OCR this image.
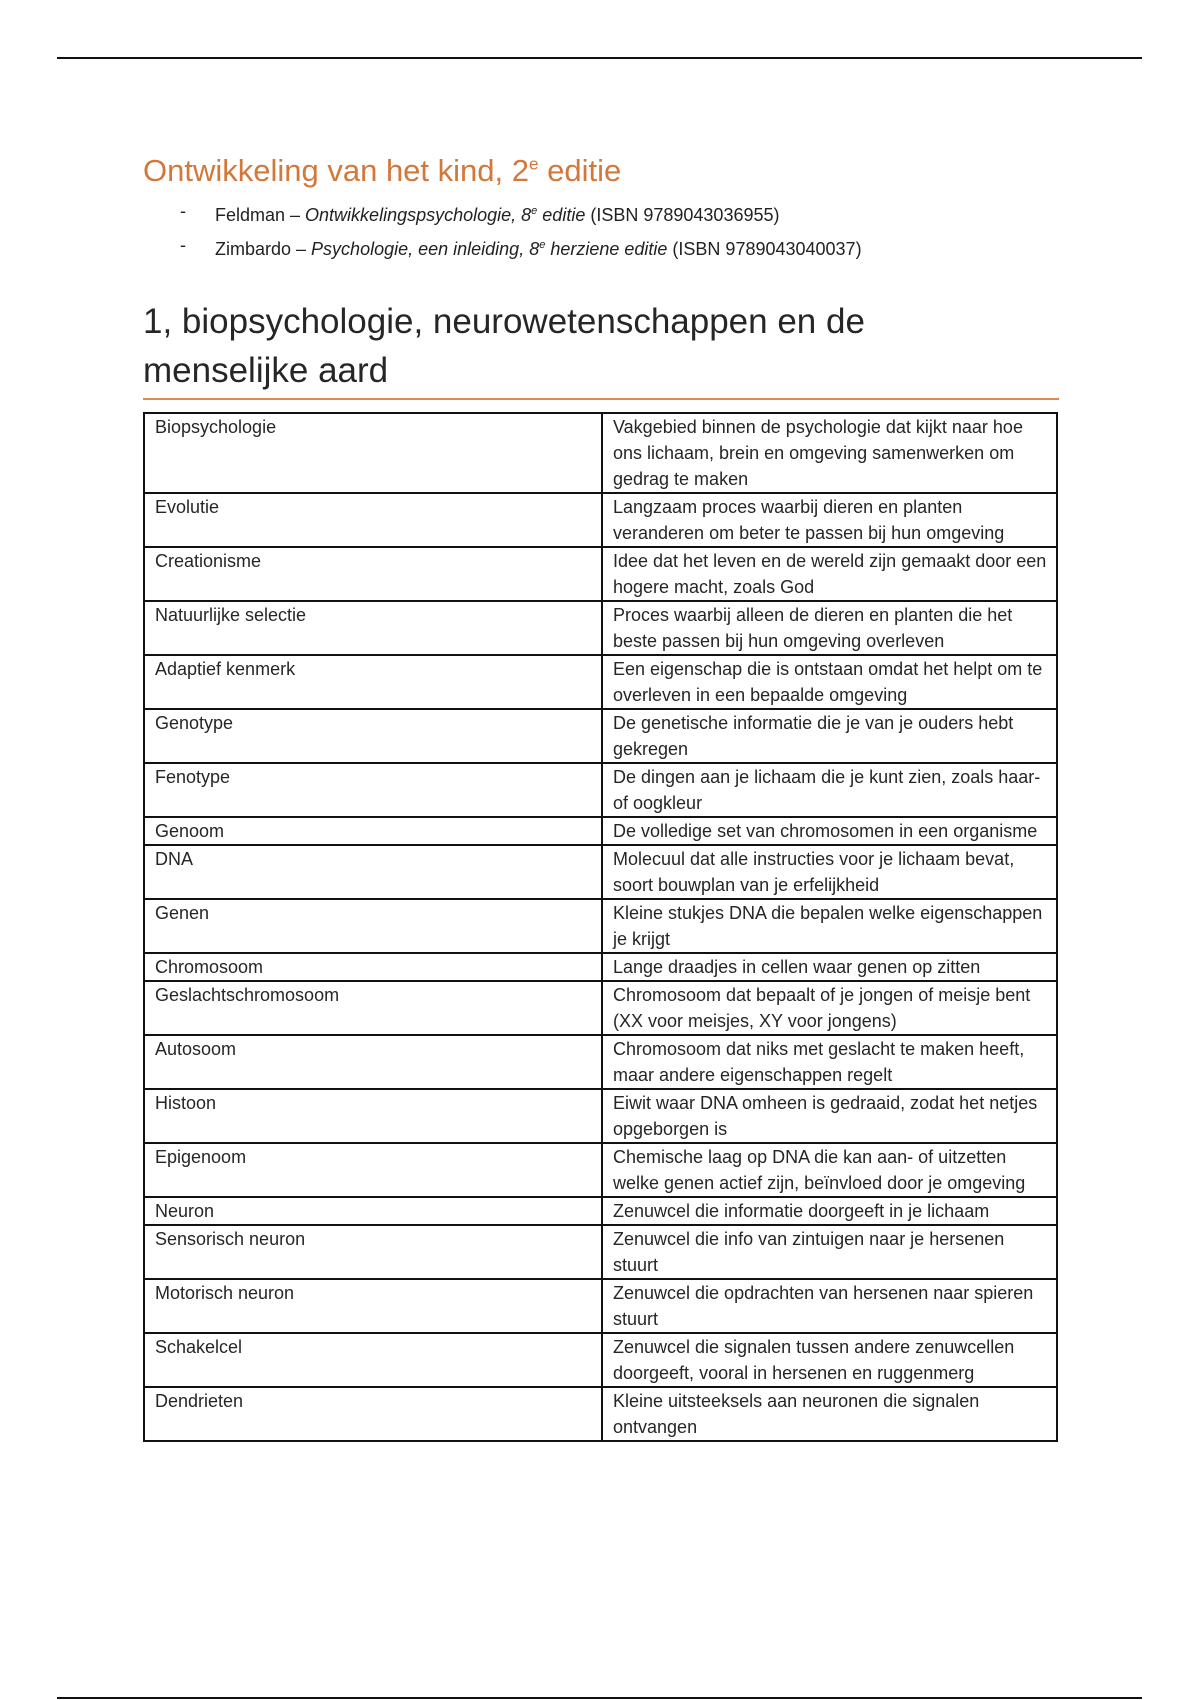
Ontwikkeling van het kind, 2e editie
- Feldman – Ontwikkelingspsychologie, 8e editie (ISBN 9789043036955)
- Zimbardo – Psychologie, een inleiding, 8e herziene editie (ISBN 9789043040037)
1, biopsychologie, neurowetenschappen en de menselijke aard
Biopsychologie	Vakgebied binnen de psychologie dat kijkt naar hoe ons lichaam, brein en omgeving samenwerken om gedrag te maken
Evolutie	Langzaam proces waarbij dieren en planten veranderen om beter te passen bij hun omgeving
Creationisme	Idee dat het leven en de wereld zijn gemaakt door een hogere macht, zoals God
Natuurlijke selectie	Proces waarbij alleen de dieren en planten die het beste passen bij hun omgeving overleven
Adaptief kenmerk	Een eigenschap die is ontstaan omdat het helpt om te overleven in een bepaalde omgeving
Genotype	De genetische informatie die je van je ouders hebt gekregen
Fenotype	De dingen aan je lichaam die je kunt zien, zoals haar- of oogkleur
Genoom	De volledige set van chromosomen in een organisme
DNA	Molecuul dat alle instructies voor je lichaam bevat, soort bouwplan van je erfelijkheid
Genen	Kleine stukjes DNA die bepalen welke eigenschappen je krijgt
Chromosoom	Lange draadjes in cellen waar genen op zitten
Geslachtschromosoom	Chromosoom dat bepaalt of je jongen of meisje bent (XX voor meisjes, XY voor jongens)
Autosoom	Chromosoom dat niks met geslacht te maken heeft, maar andere eigenschappen regelt
Histoon	Eiwit waar DNA omheen is gedraaid, zodat het netjes opgeborgen is
Epigenoom	Chemische laag op DNA die kan aan- of uitzetten welke genen actief zijn, beïnvloed door je omgeving
Neuron	Zenuwcel die informatie doorgeeft in je lichaam
Sensorisch neuron	Zenuwcel die info van zintuigen naar je hersenen stuurt
Motorisch neuron	Zenuwcel die opdrachten van hersenen naar spieren stuurt
Schakelcel	Zenuwcel die signalen tussen andere zenuwcellen doorgeeft, vooral in hersenen en ruggenmerg
Dendrieten	Kleine uitsteeksels aan neuronen die signalen ontvangen
